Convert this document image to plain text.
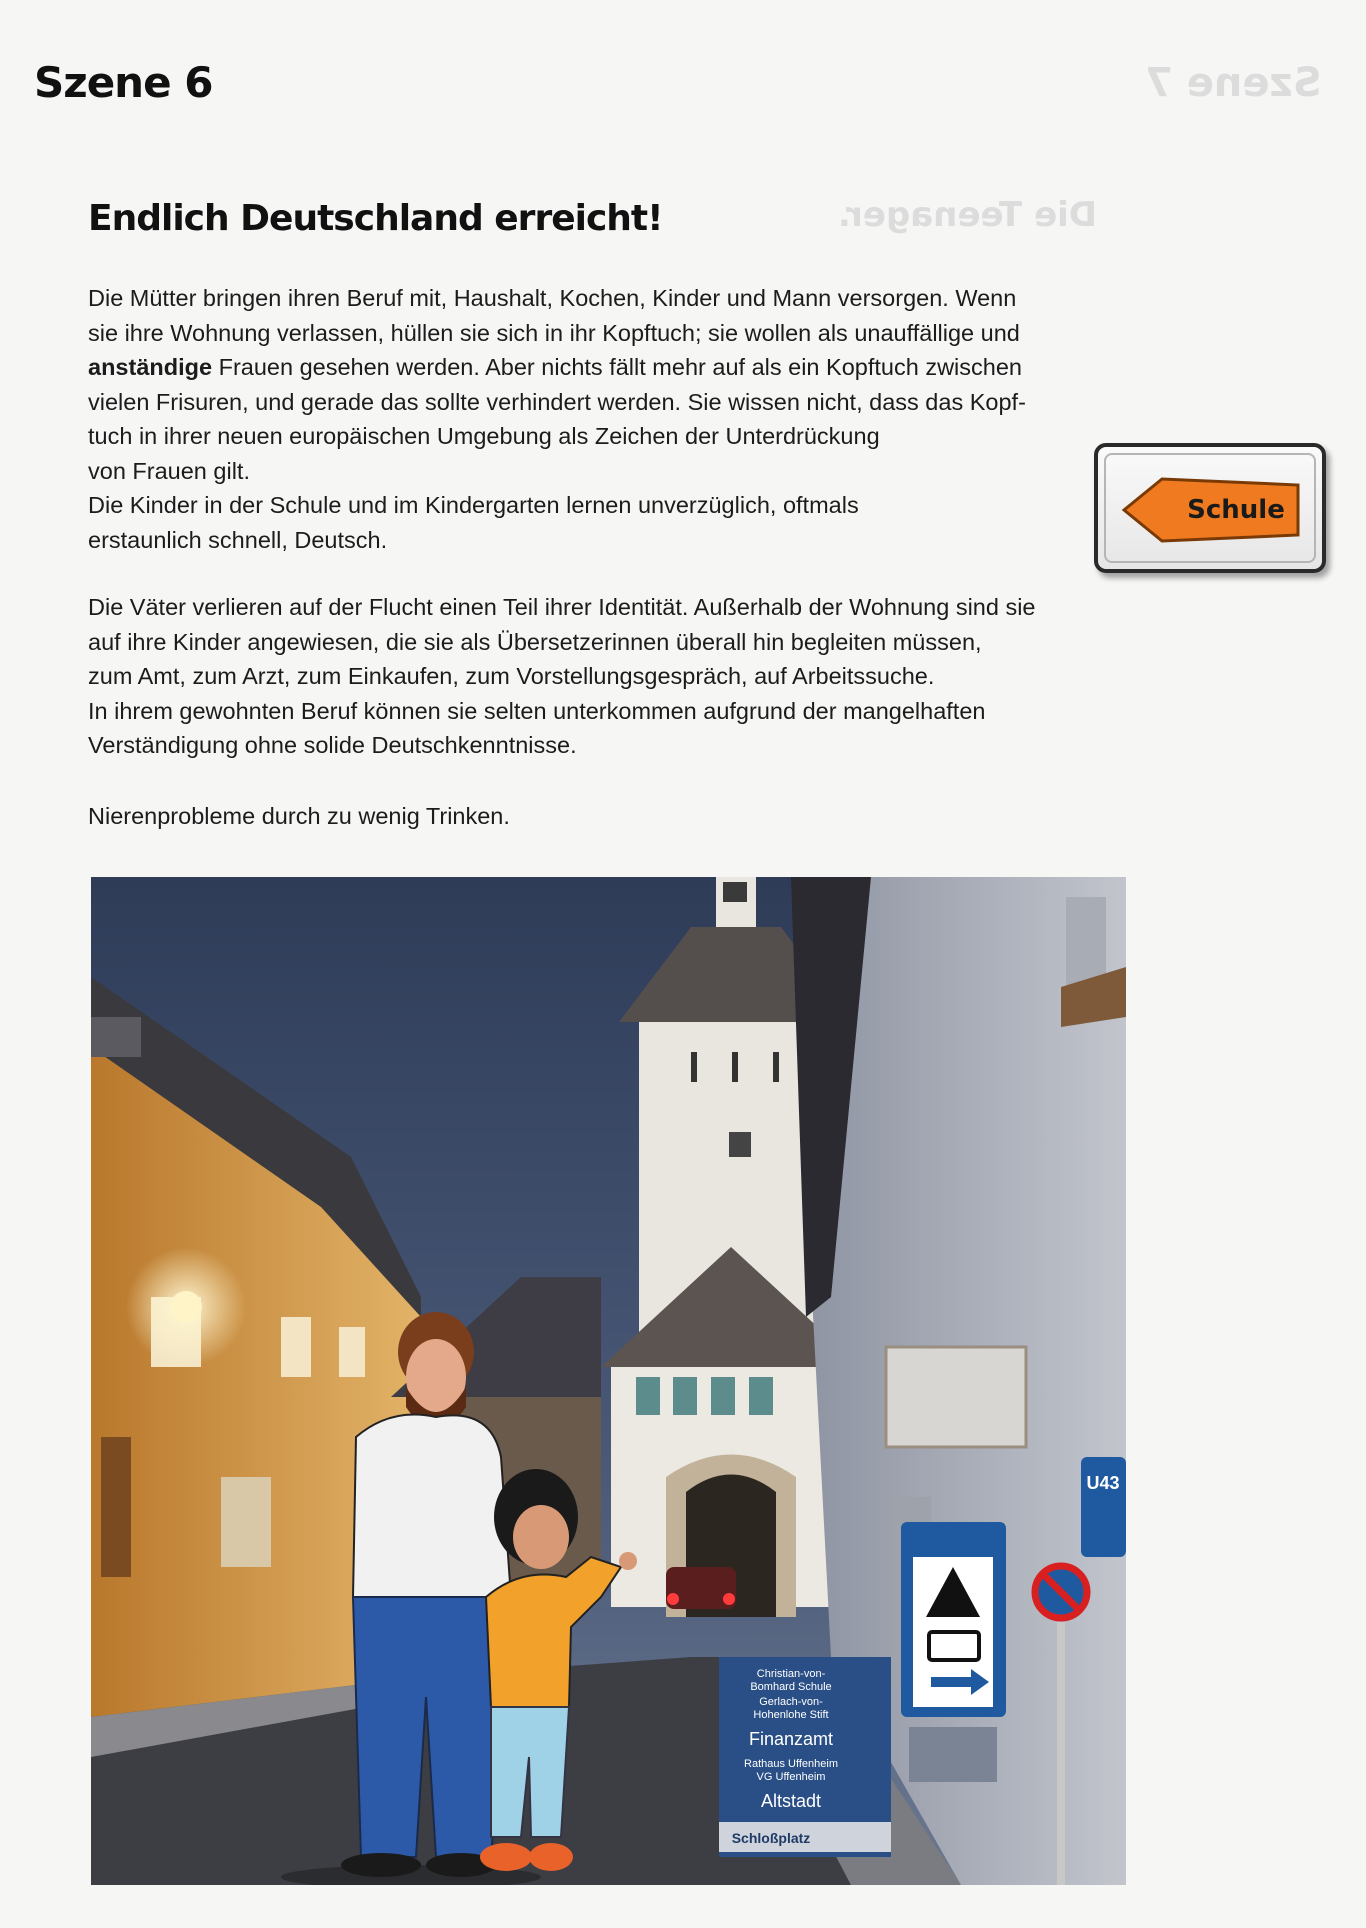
Szene 7
Die Teenager.
Szene 6
Endlich Deutschland erreicht!
Die Mütter bringen ihren Beruf mit, Haushalt, Kochen, Kinder und Mann versorgen. Wenn
sie ihre Wohnung verlassen, hüllen sie sich in ihr Kopftuch; sie wollen als unauffällige und
anständige Frauen gesehen werden. Aber nichts fällt mehr auf als ein Kopftuch zwischen
vielen Frisuren, und gerade das sollte verhindert werden. Sie wissen nicht, dass das Kopf-
tuch in ihrer neuen europäischen Umgebung als Zeichen der Unterdrückung
von Frauen gilt.
Die Kinder in der Schule und im Kindergarten lernen unverzüglich, oftmals
erstaunlich schnell, Deutsch.
Die Väter verlieren auf der Flucht einen Teil ihrer Identität. Außerhalb der Wohnung sind sie
auf ihre Kinder angewiesen, die sie als Übersetzerinnen überall hin begleiten müssen,
zum Amt, zum Arzt, zum Einkaufen, zum Vorstellungsgespräch, auf Arbeitssuche.
In ihrem gewohnten Beruf können sie selten unterkommen aufgrund der mangelhaften
Verständigung ohne solide Deutschkenntnisse.
Nierenprobleme durch zu wenig Trinken.
Schule
U43
Christian-von-
Bomhard Schule
Gerlach-von-
Hohenlohe Stift
Finanzamt
Rathaus Uffenheim
VG Uffenheim
Altstadt
Schloßplatz
